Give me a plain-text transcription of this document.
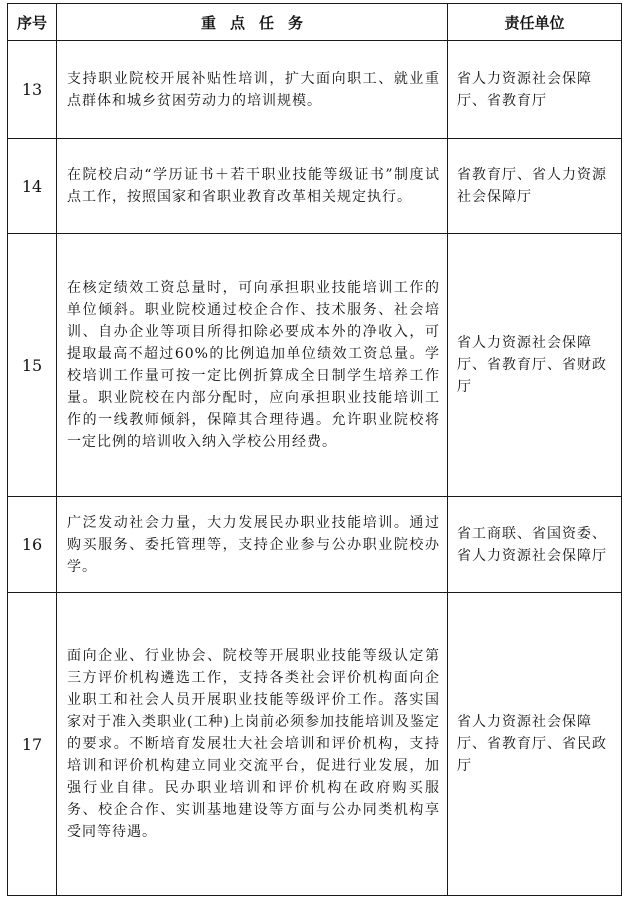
序号	重点任务	责任单位
13	支持职业院校开展补贴性培训，扩大面向职工、就业重点群体和城乡贫困劳动力的培训规模。	省人力资源社会保障厅、省教育厅
14	在院校启动“学历证书＋若干职业技能等级证书”制度试点工作，按照国家和省职业教育改革相关规定执行。	省教育厅、省人力资源社会保障厅
15	在核定绩效工资总量时，可向承担职业技能培训工作的单位倾斜。职业院校通过校企合作、技术服务、社会培训、自办企业等项目所得扣除必要成本外的净收入，可提取最高不超过60%的比例追加单位绩效工资总量。学校培训工作量可按一定比例折算成全日制学生培养工作量。职业院校在内部分配时，应向承担职业技能培训工作的一线教师倾斜，保障其合理待遇。允许职业院校将一定比例的培训收入纳入学校公用经费。	省人力资源社会保障厅、省教育厅、省财政厅
16	广泛发动社会力量，大力发展民办职业技能培训。通过购买服务、委托管理等，支持企业参与公办职业院校办学。	省工商联、省国资委、省人力资源社会保障厅
17	面向企业、行业协会、院校等开展职业技能等级认定第三方评价机构遴选工作，支持各类社会评价机构面向企业职工和社会人员开展职业技能等级评价工作。落实国家对于准入类职业(工种)上岗前必须参加技能培训及鉴定的要求。不断培育发展壮大社会培训和评价机构，支持培训和评价机构建立同业交流平台，促进行业发展，加强行业自律。民办职业培训和评价机构在政府购买服务、校企合作、实训基地建设等方面与公办同类机构享受同等待遇。	省人力资源社会保障厅、省教育厅、省民政厅
